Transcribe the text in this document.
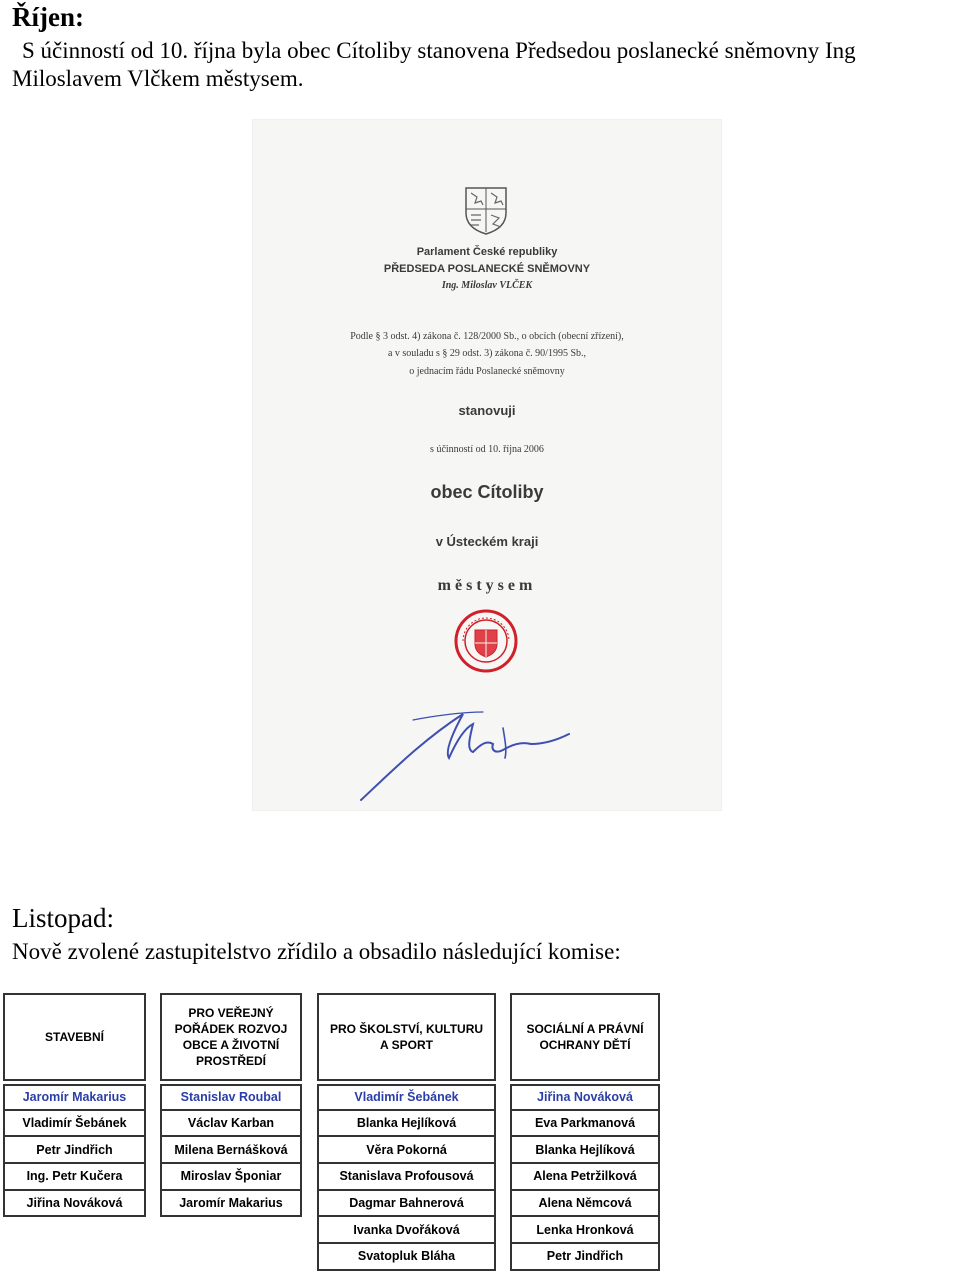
Říjen:
S účinností od 10. října byla obec Cítoliby stanovena Předsedou poslanecké sněmovny Ing
Miloslavem Vlčkem městysem.
Parlament České republiky
PŘEDSEDA POSLANECKÉ SNĚMOVNY
Ing. Miloslav VLČEK
Podle § 3 odst. 4) zákona č. 128/2000 Sb., o obcích (obecní zřízení),
a v souladu s § 29 odst. 3) zákona č. 90/1995 Sb.,
o jednacím řádu Poslanecké sněmovny
stanovuji
s účinností od 10. října 2006
obec Cítoliby
v Ústeckém kraji
městysem
Listopad:
Nově zvolené zastupitelstvo zřídilo a obsadilo následující komise:
STAVEBNÍ
Jaromír Makarius
Vladimír Šebánek
Petr Jindřich
Ing. Petr Kučera
Jiřina Nováková
PRO VEŘEJNÝ POŘÁDEK ROZVOJ OBCE A ŽIVOTNÍ PROSTŘEDÍ
Stanislav Roubal
Václav Karban
Milena Bernášková
Miroslav Šponiar
Jaromír Makarius
PRO ŠKOLSTVÍ, KULTURU A SPORT
Vladimír Šebánek
Blanka Hejlíková
Věra Pokorná
Stanislava Profousová
Dagmar Bahnerová
Ivanka Dvořáková
Svatopluk Bláha
SOCIÁLNÍ A PRÁVNÍ OCHRANY DĚTÍ
Jiřina Nováková
Eva Parkmanová
Blanka Hejlíková
Alena Petržilková
Alena Němcová
Lenka Hronková
Petr Jindřich
